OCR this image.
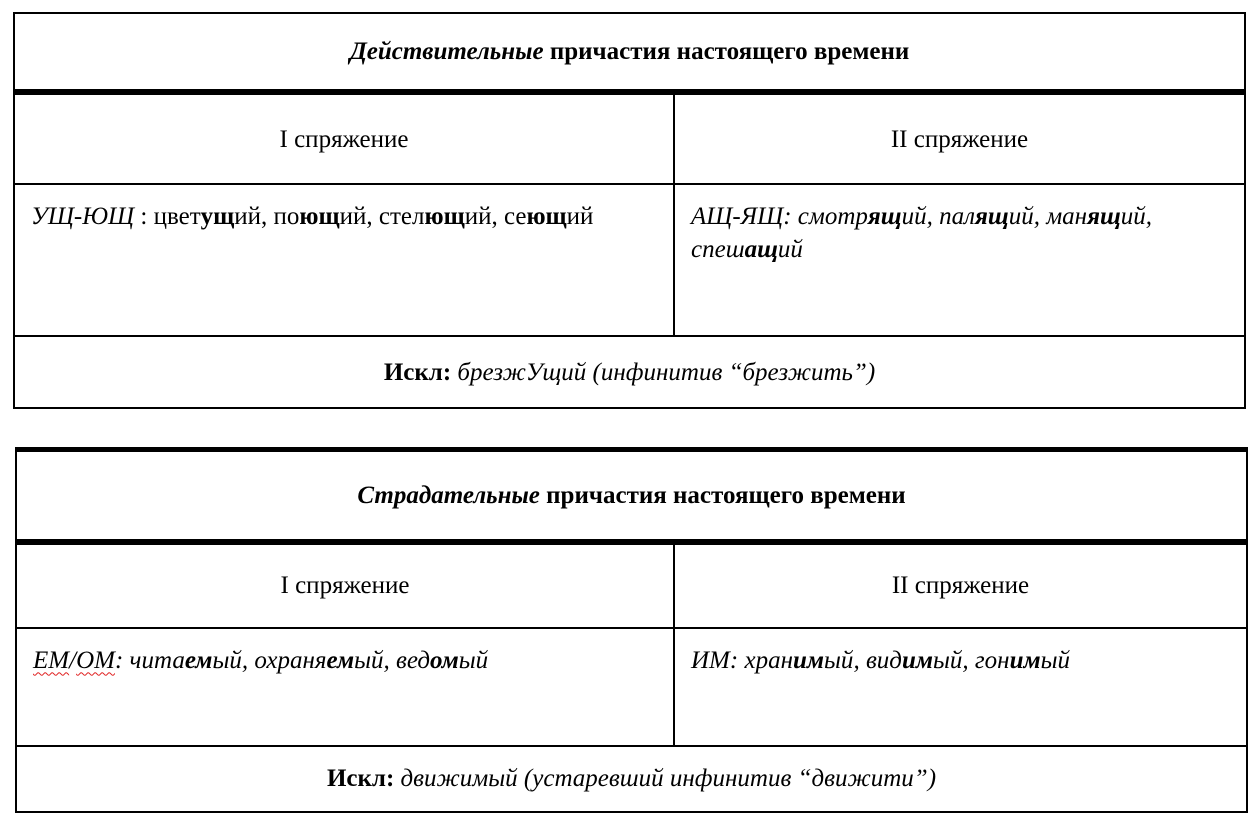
Действительные причастия настоящего времени	
I спряжение	II спряжение
УЩ-ЮЩ : цветущий, поющий, стелющий, сеющий	АЩ-ЯЩ: смотрящий, палящий, манящий, спешащий
Искл: брезжУщий (инфинитив “брезжить”)	
Страдательные причастия настоящего времени	
I спряжение	II спряжение
ЕМ/ОМ: читаемый, охраняемый, ведомый	ИМ: хранимый, видимый, гонимый
Искл: движимый (устаревший инфинитив “движити”)	
